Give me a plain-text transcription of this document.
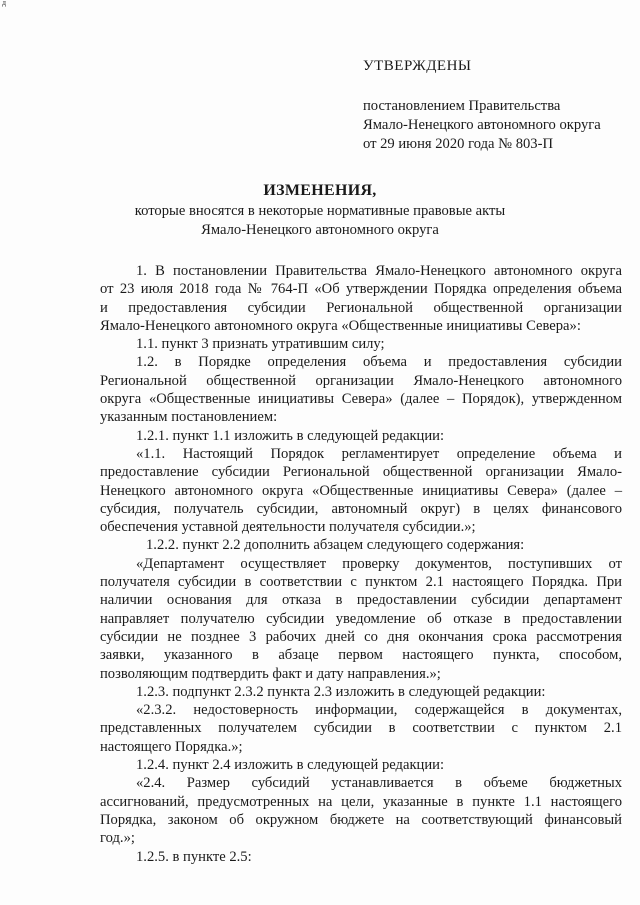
д
УТВЕРЖДЕНЫ
постановлением Правительства
Ямало-Ненецкого автономного округа
от 29 июня 2020 года № 803-П
ИЗМЕНЕНИЯ,
которые вносятся в некоторые нормативные правовые акты
Ямало-Ненецкого автономного округа
1. В постановлении Правительства Ямало-Ненецкого автономного округа
от 23 июля 2018 года № 764-П «Об утверждении Порядка определения объема
и предоставления субсидии Региональной общественной организации
Ямало-Ненецкого автономного округа «Общественные инициативы Севера»:
1.1. пункт 3 признать утратившим силу;
1.2. в Порядке определения объема и предоставления субсидии
Региональной общественной организации Ямало-Ненецкого автономного
округа «Общественные инициативы Севера» (далее – Порядок), утвержденном
указанным постановлением:
1.2.1. пункт 1.1 изложить в следующей редакции:
«1.1. Настоящий Порядок регламентирует определение объема и
предоставление субсидии Региональной общественной организации Ямало-
Ненецкого автономного округа «Общественные инициативы Севера» (далее –
субсидия, получатель субсидии, автономный округ) в целях финансового
обеспечения уставной деятельности получателя субсидии.»;
1.2.2. пункт 2.2 дополнить абзацем следующего содержания:
«Департамент осуществляет проверку документов, поступивших от
получателя субсидии в соответствии с пунктом 2.1 настоящего Порядка. При
наличии основания для отказа в предоставлении субсидии департамент
направляет получателю субсидии уведомление об отказе в предоставлении
субсидии не позднее 3 рабочих дней со дня окончания срока рассмотрения
заявки, указанного в абзаце первом настоящего пункта, способом,
позволяющим подтвердить факт и дату направления.»;
1.2.3. подпункт 2.3.2 пункта 2.3 изложить в следующей редакции:
«2.3.2. недостоверность информации, содержащейся в документах,
представленных получателем субсидии в соответствии с пунктом 2.1
настоящего Порядка.»;
1.2.4. пункт 2.4 изложить в следующей редакции:
«2.4. Размер субсидий устанавливается в объеме бюджетных
ассигнований, предусмотренных на цели, указанные в пункте 1.1 настоящего
Порядка, законом об окружном бюджете на соответствующий финансовый
год.»;
1.2.5. в пункте 2.5:
